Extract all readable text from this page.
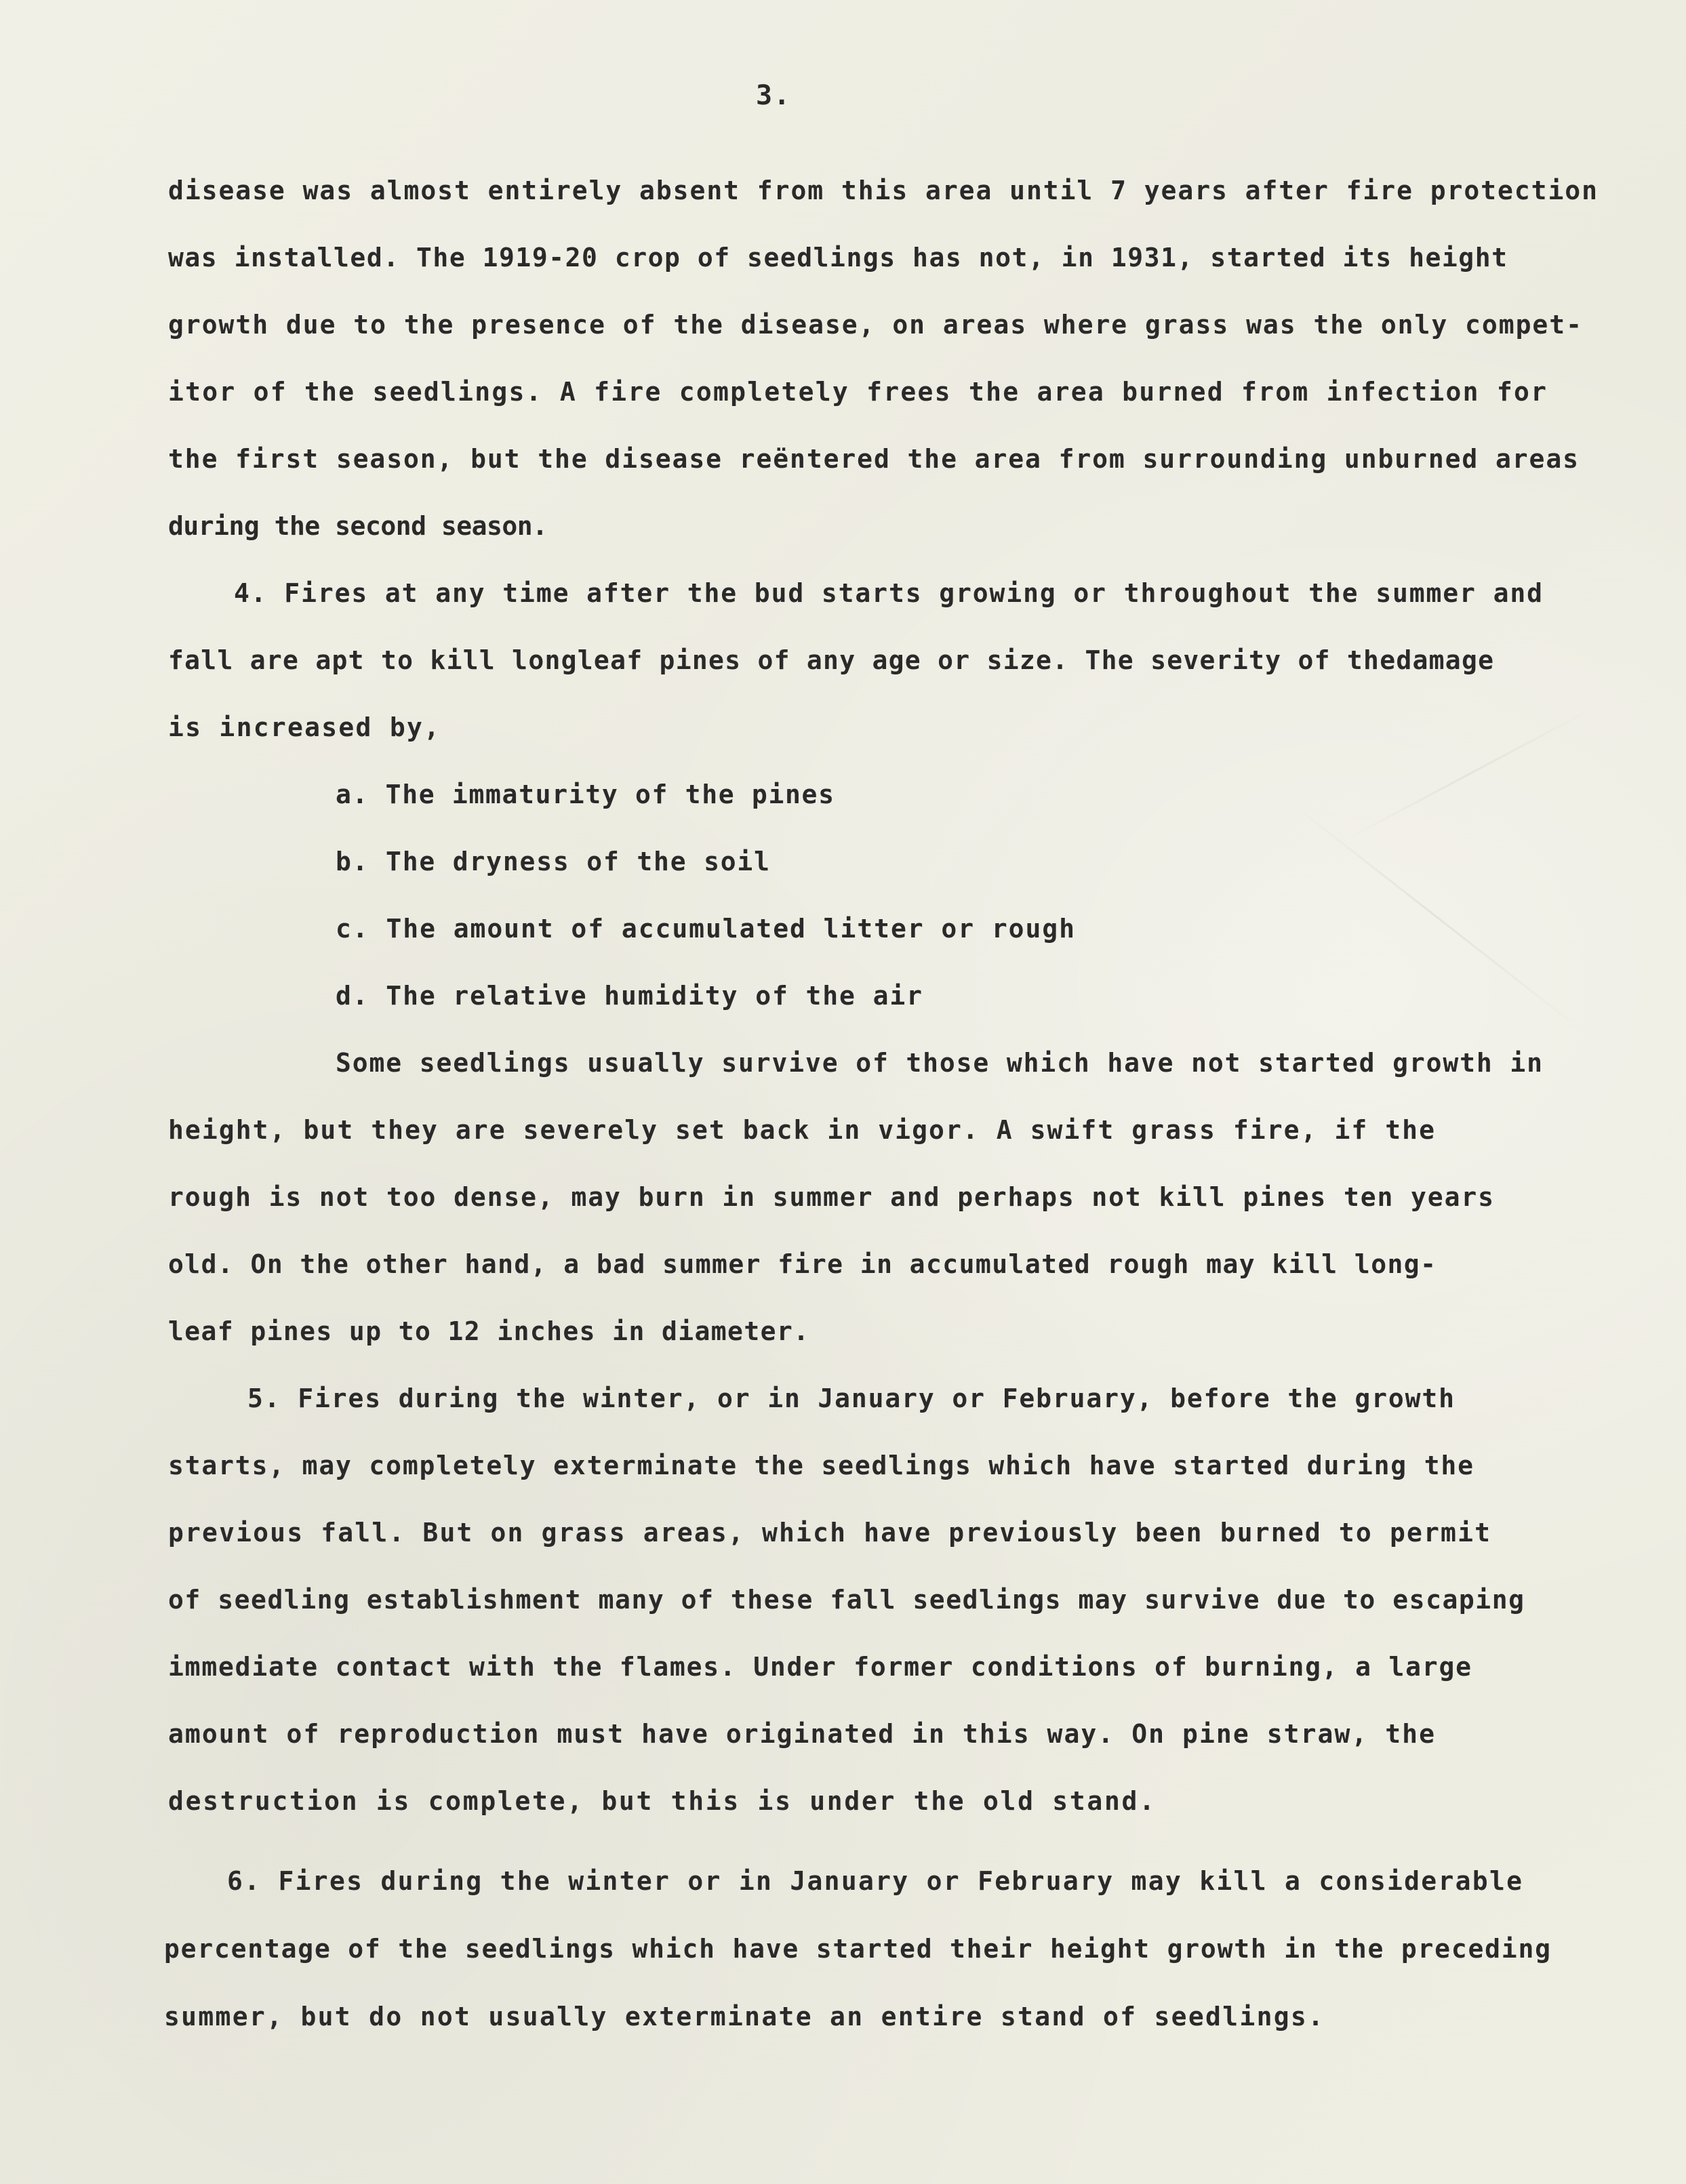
3.

disease was almost entirely absent from this area until 7 years after fire protection

was installed. The 1919-20 crop of seedlings has not, in 1931, started its height

growth due to the presence of the disease, on areas where grass was the only compet-

itor of the seedlings. A fire completely frees the area burned from infection for

the first season, but the disease reëntered the area from surrounding unburned areas

during the second season.

4. Fires at any time after the bud starts growing or throughout the summer and

fall are apt to kill longleaf pines of any age or size. The severity of thedamage

is increased by,

a. The immaturity of the pines

b. The dryness of the soil

c. The amount of accumulated litter or rough

d. The relative humidity of the air

Some seedlings usually survive of those which have not started growth in

height, but they are severely set back in vigor. A swift grass fire, if the

rough is not too dense, may burn in summer and perhaps not kill pines ten years

old. On the other hand, a bad summer fire in accumulated rough may kill long-

leaf pines up to 12 inches in diameter.

5. Fires during the winter, or in January or February, before the growth

starts, may completely exterminate the seedlings which have started during the

previous fall. But on grass areas, which have previously been burned to permit

of seedling establishment many of these fall seedlings may survive due to escaping

immediate contact with the flames. Under former conditions of burning, a large

amount of reproduction must have originated in this way. On pine straw, the

destruction is complete, but this is under the old stand.

6. Fires during the winter or in January or February may kill a considerable

percentage of the seedlings which have started their height growth in the preceding

summer, but do not usually exterminate an entire stand of seedlings.
